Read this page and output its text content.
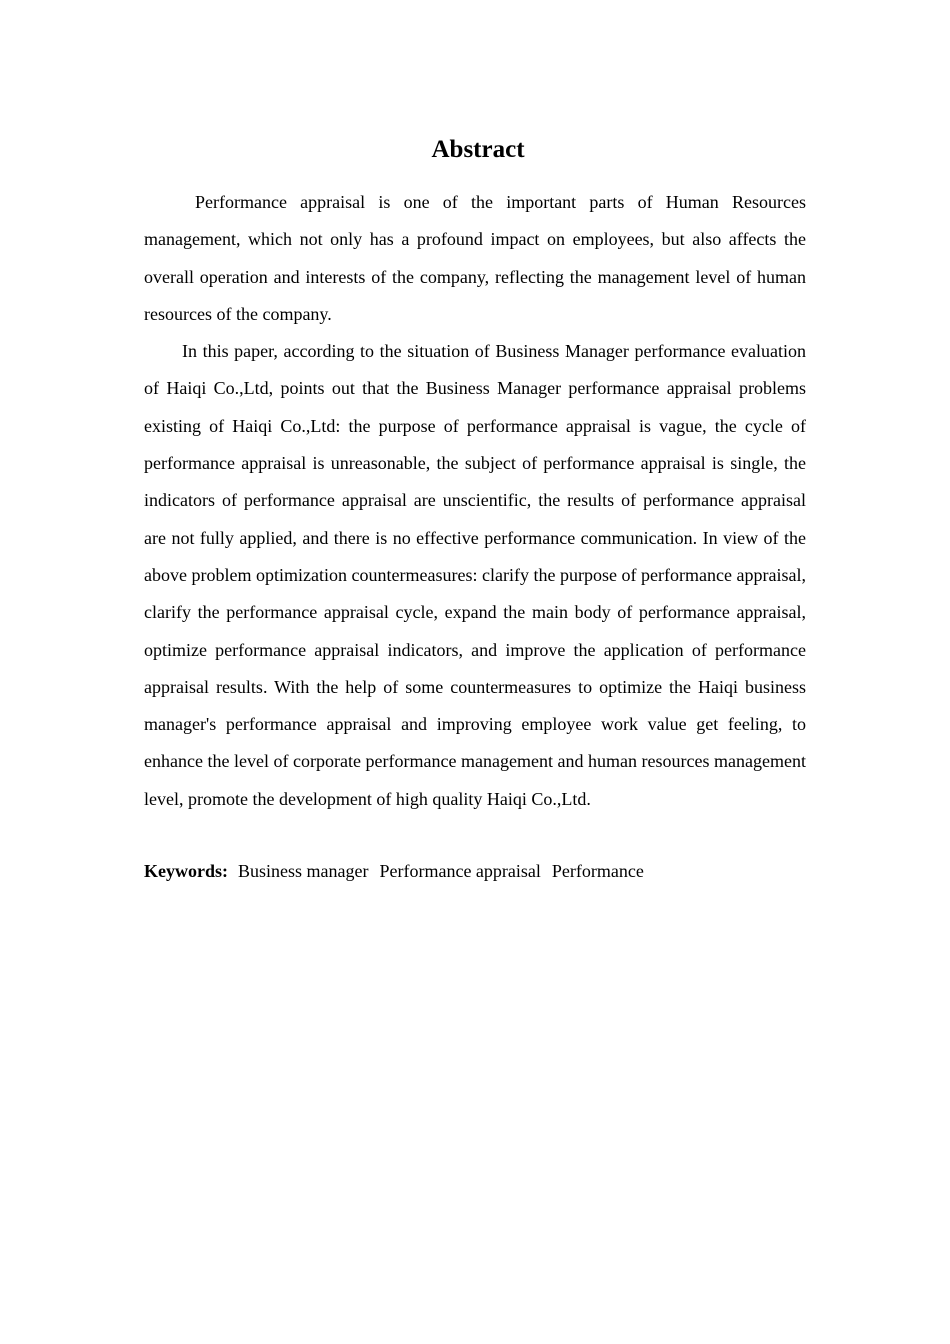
Abstract

Performance appraisal is one of the important parts of Human Resources management, which not only has a profound impact on employees, but also affects the overall operation and interests of the company, reflecting the management level of human resources of the company.

In this paper, according to the situation of Business Manager performance evaluation of Haiqi Co.,Ltd, points out that the Business Manager performance appraisal problems existing of Haiqi Co.,Ltd: the purpose of performance appraisal is vague, the cycle of performance appraisal is unreasonable, the subject of performance appraisal is single, the indicators of performance appraisal are unscientific, the results of performance appraisal are not fully applied, and there is no effective performance communication. In view of the above problem optimization countermeasures: clarify the purpose of performance appraisal, clarify the performance appraisal cycle, expand the main body of performance appraisal, optimize performance appraisal indicators, and improve the application of performance appraisal results. With the help of some countermeasures to optimize the Haiqi business manager's performance appraisal and improving employee work value get feeling, to enhance the level of corporate performance management and human resources management level, promote the development of high quality Haiqi Co.,Ltd.

Keywords: Business manager Performance appraisal Performance
